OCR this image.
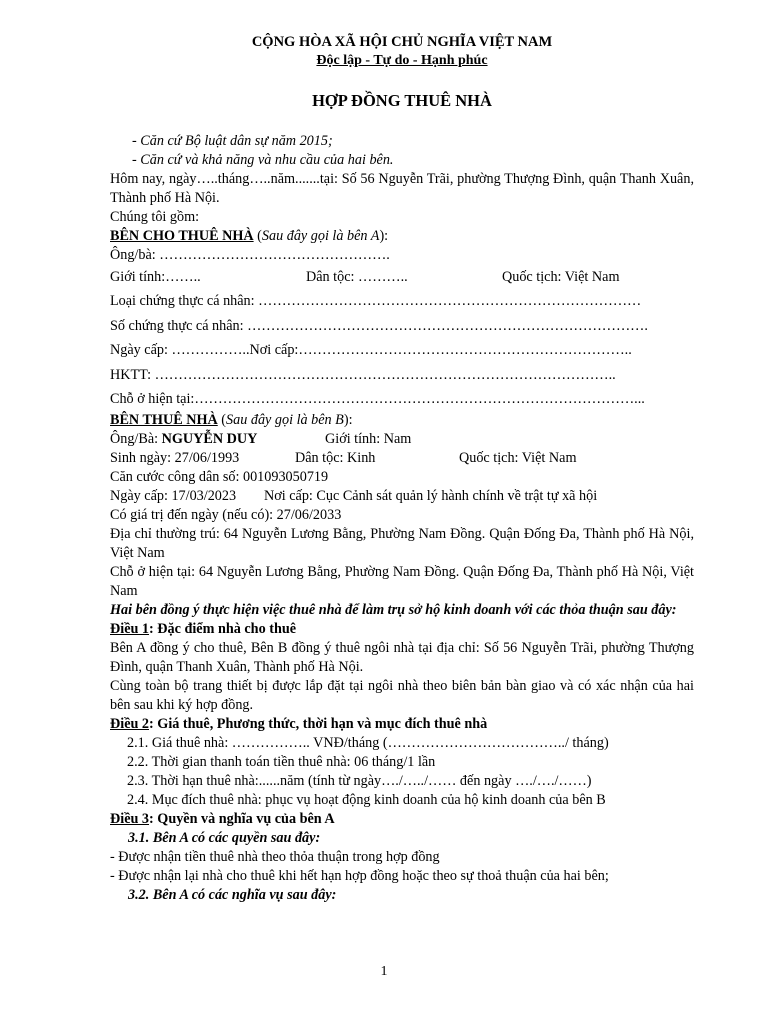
CỘNG HÒA XÃ HỘI CHỦ NGHĨA VIỆT NAM
Độc lập - Tự do - Hạnh phúc
HỢP ĐỒNG THUÊ NHÀ
- Căn cứ Bộ luật dân sự năm 2015;
- Căn cứ và khả năng và nhu cầu của hai bên.
Hôm nay, ngày…..tháng…..năm.......tại: Số 56 Nguyễn Trãi, phường Thượng Đình, quận Thanh Xuân, Thành phố Hà Nội.
Chúng tôi gồm:
BÊN CHO THUÊ NHÀ (Sau đây gọi là bên A):
Ông/bà: ………………………………………….
Giới tính:……..	Dân tộc: ………..	Quốc tịch: Việt Nam
Loại chứng thực cá nhân: ………………………………………………………………………
Số chứng thực cá nhân: ………………………………………………………………………….
Ngày cấp: ……………..Nơi cấp:……………………………………………………………..
HKTT: ……………………………………………………………………………………..
Chỗ ở hiện tại:…………………………………………………………………………………...
BÊN THUÊ NHÀ (Sau đây gọi là bên B):
Ông/Bà: NGUYỄN DUY	Giới tính: Nam
Sinh ngày: 27/06/1993	Dân tộc: Kinh	Quốc tịch: Việt Nam
Căn cước công dân số: 001093050719
Ngày cấp: 17/03/2023 Nơi cấp: Cục Cảnh sát quản lý hành chính về trật tự xã hội
Có giá trị đến ngày (nếu có): 27/06/2033
Địa chỉ thường trú: 64 Nguyễn Lương Bằng, Phường Nam Đồng. Quận Đống Đa, Thành phố Hà Nội, Việt Nam
Chỗ ở hiện tại: 64 Nguyễn Lương Bằng, Phường Nam Đồng. Quận Đống Đa, Thành phố Hà Nội, Việt Nam
Hai bên đồng ý thực hiện việc thuê nhà để làm trụ sở hộ kinh doanh với các thỏa thuận sau đây:
Điều 1: Đặc điểm nhà cho thuê
Bên A đồng ý cho thuê, Bên B đồng ý thuê ngôi nhà tại địa chỉ: Số 56 Nguyễn Trãi, phường Thượng Đình, quận Thanh Xuân, Thành phố Hà Nội.
Cùng toàn bộ trang thiết bị được lắp đặt tại ngôi nhà theo biên bản bàn giao và có xác nhận của hai bên sau khi ký hợp đồng.
Điều 2: Giá thuê, Phương thức, thời hạn và mục đích thuê nhà
2.1. Giá thuê nhà: …………….. VNĐ/tháng (………………………………../ tháng)
2.2. Thời gian thanh toán tiền thuê nhà: 06 tháng/1 lần
2.3. Thời hạn thuê nhà:......năm (tính từ ngày…./…../…… đến ngày …./…./……)
2.4. Mục đích thuê nhà: phục vụ hoạt động kinh doanh của hộ kinh doanh của bên B
Điều 3: Quyền và nghĩa vụ của bên A
3.1. Bên A có các quyền sau đây:
- Được nhận tiền thuê nhà theo thỏa thuận trong hợp đồng
- Được nhận lại nhà cho thuê khi hết hạn hợp đồng hoặc theo sự thoả thuận của hai bên;
3.2. Bên A có các nghĩa vụ sau đây:
1
